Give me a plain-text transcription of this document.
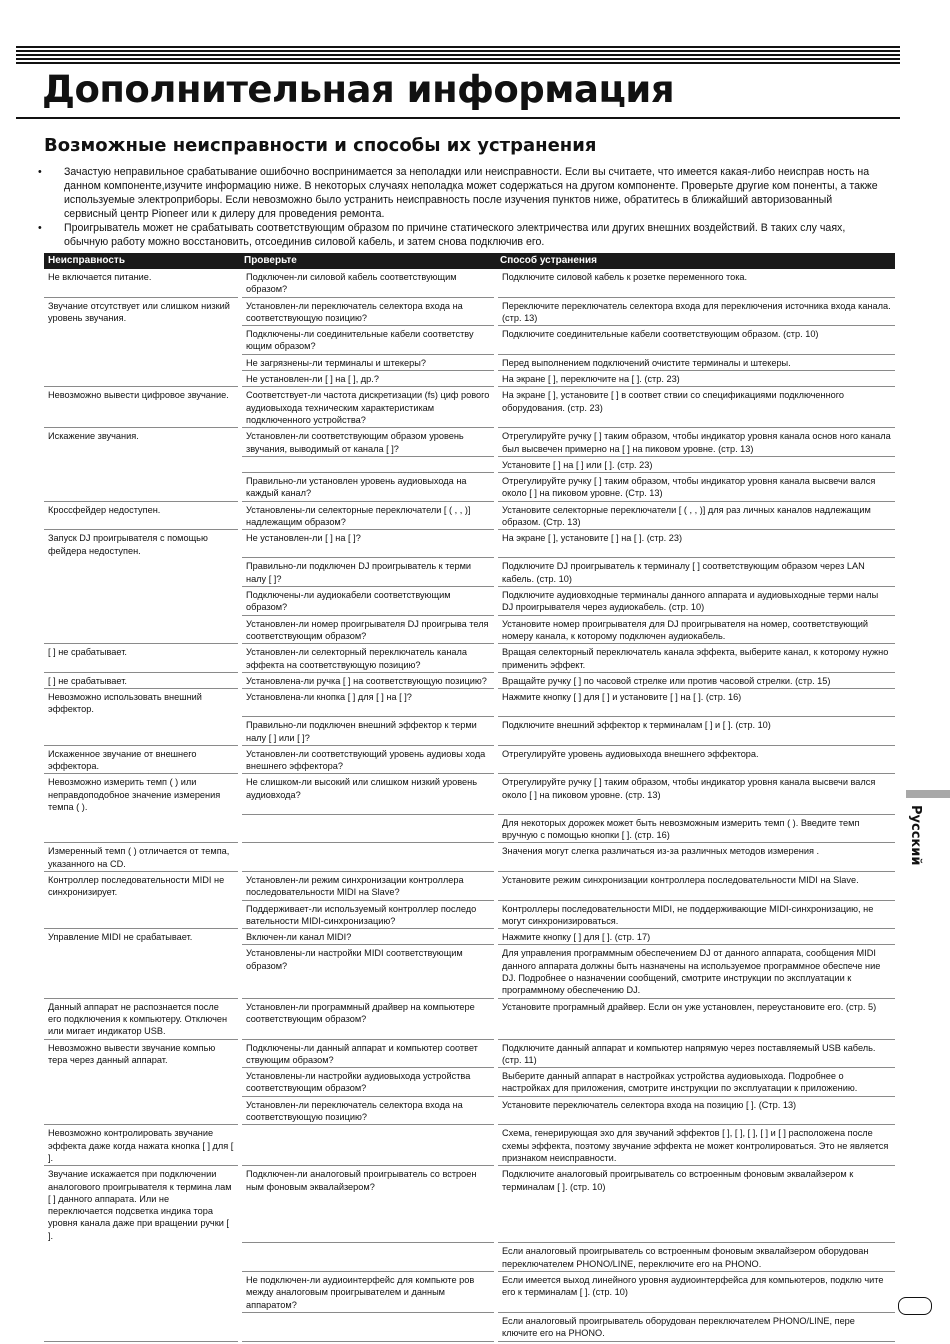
Дополнительная информация
Возможные неисправности и способы их устранения
• Зачастую неправильное срабатывание ошибочно воспринимается за неполадки или неисправности. Если вы считаете, что имеется какая-либо неисправ ность на данном компоненте,изучите информацию ниже. В некоторых случаях неполадка может содержаться на другом компоненте. Проверьте другие ком поненты, а также используемые электроприборы. Если невозможно было устранить неисправность после изучения пунктов ниже, обратитесь в ближайший авторизованный сервисный центр Pioneer или к дилеру для проведения ремонта.
• Проигрыватель может не срабатывать соответствующим образом по причине статического электричества или других внешних воздействий. В таких слу чаях, обычную работу можно восстановить, отсоединив силовой кабель, и затем снова подключив его.
Неисправность	Проверьте	Способ устранения
Не включается питание.	Подключен-ли силовой кабель соответствующим образом?	Подключите силовой кабель к розетке переменного тока.
Звучание отсутствует или слишком низкий уровень звучания.	Установлен-ли переключатель селектора входа на соответствующую позицию?	Переключите переключатель селектора входа для переключения источника входа канала. (стр. 13)
	Подключены-ли соединительные кабели соответству ющим образом?	Подключите соединительные кабели соответствующим образом. (стр. 10)
	Не загрязнены-ли терминалы и штекеры?	Перед выполнением подключений очистите терминалы и штекеры.
	Не установлен-ли [ ] на [ ], др.?	На экране [ ], переключите на [ ]. (стр. 23)
Невозможно вывести цифровое звучание.	Соответствует-ли частота дискретизации (fs) циф рового аудиовыхода техническим характеристикам подключенного устройства?	На экране [ ], установите [ ] в соответ ствии со спецификациями подключенного оборудования. (стр. 23)
Искажение звучания.	Установлен-ли соответствующим образом уровень звучания, выводимый от канала [ ]?	Отрегулируйте ручку [ ] таким образом, чтобы индикатор уровня канала основ ного канала был высвечен примерно на [ ] на пиковом уровне. (стр. 13)
		Установите [ ] на [ ] или [ ]. (стр. 23)
	Правильно-ли установлен уровень аудиовыхода на каждый канал?	Отрегулируйте ручку [ ] таким образом, чтобы индикатор уровня канала высвечи вался около [ ] на пиковом уровне. (Стр. 13)
Кроссфейдер недоступен.	Установлены-ли селекторные переключатели [ ( , , )] надлежащим образом?	Установите селекторные переключатели [ ( , , )] для раз личных каналов надлежащим образом. (Стр. 13)
Запуск DJ проигрывателя с помощью фейдера недоступен.	Не установлен-ли [ ] на [ ]?	На экране [ ], установите [ ] на [ ]. (стр. 23)
	Правильно-ли подключен DJ проигрыватель к терми налу [ ]?	Подключите DJ проигрыватель к терминалу [ ] соответствующим образом через LAN кабель. (стр. 10)
	Подключены-ли аудиокабели соответствующим образом?	Подключите аудиовходные терминалы данного аппарата и аудиовыходные терми налы DJ проигрывателя через аудиокабель. (стр. 10)
	Установлен-ли номер проигрывателя DJ проигрыва теля соответствующим образом?	Установите номер проигрывателя для DJ проигрывателя на номер, соответствующий номеру канала, к которому подключен аудиокабель.
[ ] не срабатывает.	Установлен-ли селекторный переключатель канала эффекта на соответствующую позицию?	Вращая селекторный переключатель канала эффекта, выберите канал, к которому нужно применить эффект.
[ ] не срабатывает.	Установлена-ли ручка [ ] на соответствующую позицию?	Вращайте ручку [ ] по часовой стрелке или против часовой стрелки. (стр. 15)
Невозможно использовать внешний эффектор.	Установлена-ли кнопка [ ] для [ ] на [ ]?	Нажмите кнопку [ ] для [ ] и установите [ ] на [ ]. (стр. 16)
	Правильно-ли подключен внешний эффектор к терми налу [ ] или [ ]?	Подключите внешний эффектор к терминалам [ ] и [ ]. (стр. 10)
Искаженное звучание от внешнего эффектора.	Установлен-ли соответствующий уровень аудиовы хода внешнего эффектора?	Отрегулируйте уровень аудиовыхода внешнего эффектора.
Невозможно измерить темп ( ) или неправдоподобное значение измерения темпа ( ).	Не слишком-ли высокий или слишком низкий уровень аудиовхода?	Отрегулируйте ручку [ ] таким образом, чтобы индикатор уровня канала высвечи вался около [ ] на пиковом уровне. (стр. 13)
		Для некоторых дорожек может быть невозможным измерить темп ( ). Введите темп вручную с помощью кнопки [ ]. (стр. 16)
Измеренный темп ( ) отличается от темпа, указанного на CD.		Значения могут слегка различаться из-за различных методов измерения .
Контроллер последовательности MIDI не синхронизирует.	Установлен-ли режим синхронизации контроллера последовательности MIDI на Slave?	Установите режим синхронизации контроллера последовательности MIDI на Slave.
	Поддерживает-ли используемый контроллер последо вательности MIDI-синхронизацию?	Контроллеры последовательности MIDI, не поддерживающие MIDI-синхронизацию, не могут синхронизироваться.
Управление MIDI не срабатывает.	Включен-ли канал MIDI?	Нажмите кнопку [ ] для [ ]. (стр. 17)
	Установлены-ли настройки MIDI соответствующим образом?	Для управления программным обеспечением DJ от данного аппарата, сообщения MIDI данного аппарата должны быть назначены на используемое программное обеспече ние DJ. Подробнее о назначении сообщений, смотрите инструкции по эксплуатации к программному обеспечению DJ.
Данный аппарат не распознается после его подключения к компьютеру. Отключен или мигает индикатор USB.	Установлен-ли программный драйвер на компьютере соответствующим образом?	Установите програмный драйвер. Если он уже установлен, переустановите его. (стр. 5)
Невозможно вывести звучание компью тера через данный аппарат.	Подключены-ли данный аппарат и компьютер соответ ствующим образом?	Подключите данный аппарат и компьютер напрямую через поставляемый USB кабель. (стр. 11)
	Установлены-ли настройки аудиовыхода устройства соответствующим образом?	Выберите данный аппарат в настройках устройства аудиовыхода. Подробнее о настройках для приложения, смотрите инструкции по эксплуатации к приложению.
	Установлен-ли переключатель селектора входа на соответствующую позицию?	Установите переключатель селектора входа на позицию [ ]. (Стр. 13)
Невозможно контролировать звучание эффекта даже когда нажата кнопка [ ] для [ ].		Схема, генерирующая эхо для звучаний эффектов [ ], [ ], [ ], [ ] и [ ] расположена после схемы эффекта, поэтому звучание эффекта не может контролироваться. Это не является признаком неисправности.
Звучание искажается при подключении аналогового проигрывателя к термина лам [ ] данного аппарата. Или не переключается подсветка индика тора уровня канала даже при вращении ручки [ ].	Подключен-ли аналоговый проигрыватель со встроен ным фоновым эквалайзером?	Подключите аналоговый проигрыватель со встроенным фоновым эквалайзером к терминалам [ ]. (стр. 10)
		Если аналоговый проигрыватель со встроенным фоновым эквалайзером оборудован переключателем PHONO/LINE, переключите его на PHONO.
	Не подключен-ли аудиоинтерфейс для компьюте ров между аналоговым проигрывателем и данным аппаратом?	Если имеется выход линейного уровня аудиоинтерфейса для компьютеров, подклю чите его к терминалам [ ]. (стр. 10)
		Если аналоговый проигрыватель оборудован переключателем PHONO/LINE, пере ключите его на PHONO.
Русский
